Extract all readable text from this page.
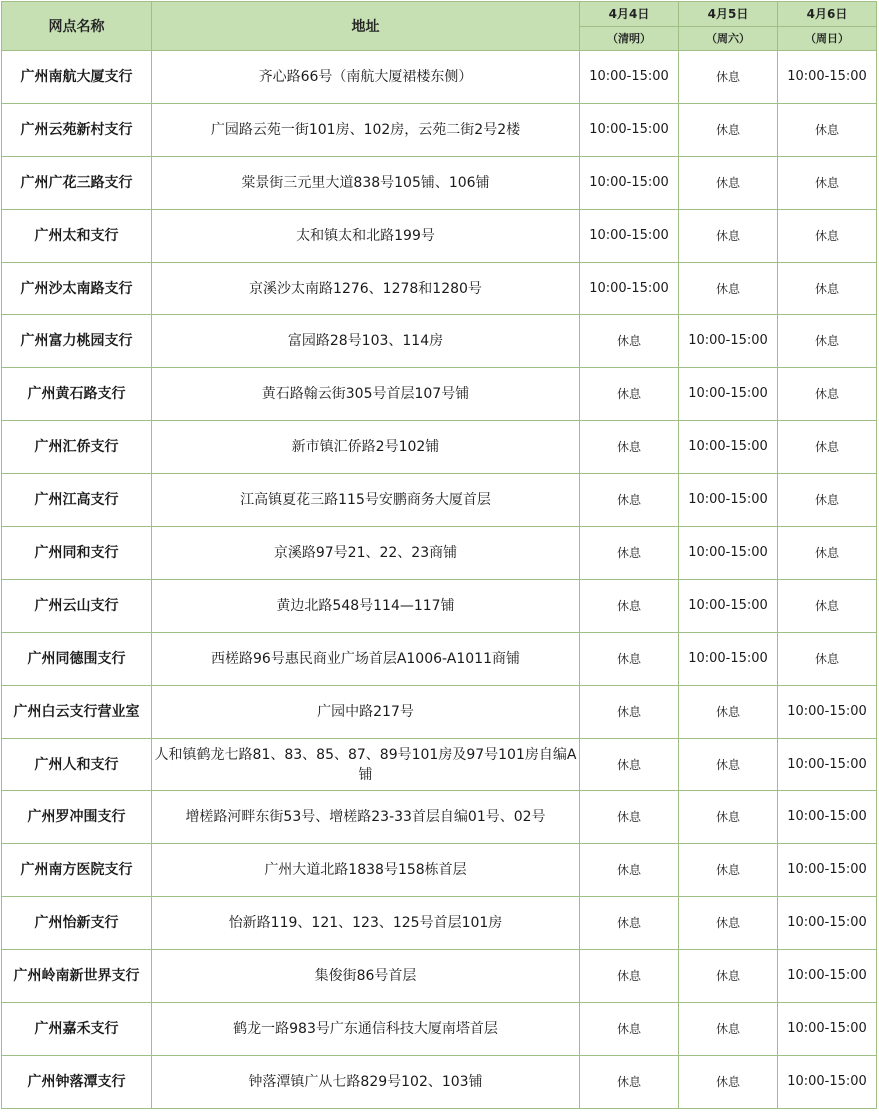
网点名称	地址	4月4日	4月5日	4月6日
		（清明）	（周六）	（周日）
广州南航大厦支行	齐心路66号（南航大厦裙楼东侧）	10:00-15:00	休息	10:00-15:00
广州云苑新村支行	广园路云苑一街101房、102房，云苑二街2号2楼	10:00-15:00	休息	休息
广州广花三路支行	棠景街三元里大道838号105铺、106铺	10:00-15:00	休息	休息
广州太和支行	太和镇太和北路199号	10:00-15:00	休息	休息
广州沙太南路支行	京溪沙太南路1276、1278和1280号	10:00-15:00	休息	休息
广州富力桃园支行	富园路28号103、114房	休息	10:00-15:00	休息
广州黄石路支行	黄石路翰云街305号首层107号铺	休息	10:00-15:00	休息
广州汇侨支行	新市镇汇侨路2号102铺	休息	10:00-15:00	休息
广州江高支行	江高镇夏花三路115号安鹏商务大厦首层	休息	10:00-15:00	休息
广州同和支行	京溪路97号21、22、23商铺	休息	10:00-15:00	休息
广州云山支行	黄边北路548号114—117铺	休息	10:00-15:00	休息
广州同德围支行	西槎路96号惠民商业广场首层A1006-A1011商铺	休息	10:00-15:00	休息
广州白云支行营业室	广园中路217号	休息	休息	10:00-15:00
广州人和支行	人和镇鹤龙七路81、83、85、87、89号101房及97号101房自编A铺	休息	休息	10:00-15:00
广州罗冲围支行	增槎路河畔东街53号、增槎路23-33首层自编01号、02号	休息	休息	10:00-15:00
广州南方医院支行	广州大道北路1838号158栋首层	休息	休息	10:00-15:00
广州怡新支行	怡新路119、121、123、125号首层101房	休息	休息	10:00-15:00
广州岭南新世界支行	集俊街86号首层	休息	休息	10:00-15:00
广州嘉禾支行	鹤龙一路983号广东通信科技大厦南塔首层	休息	休息	10:00-15:00
广州钟落潭支行	钟落潭镇广从七路829号102、103铺	休息	休息	10:00-15:00
